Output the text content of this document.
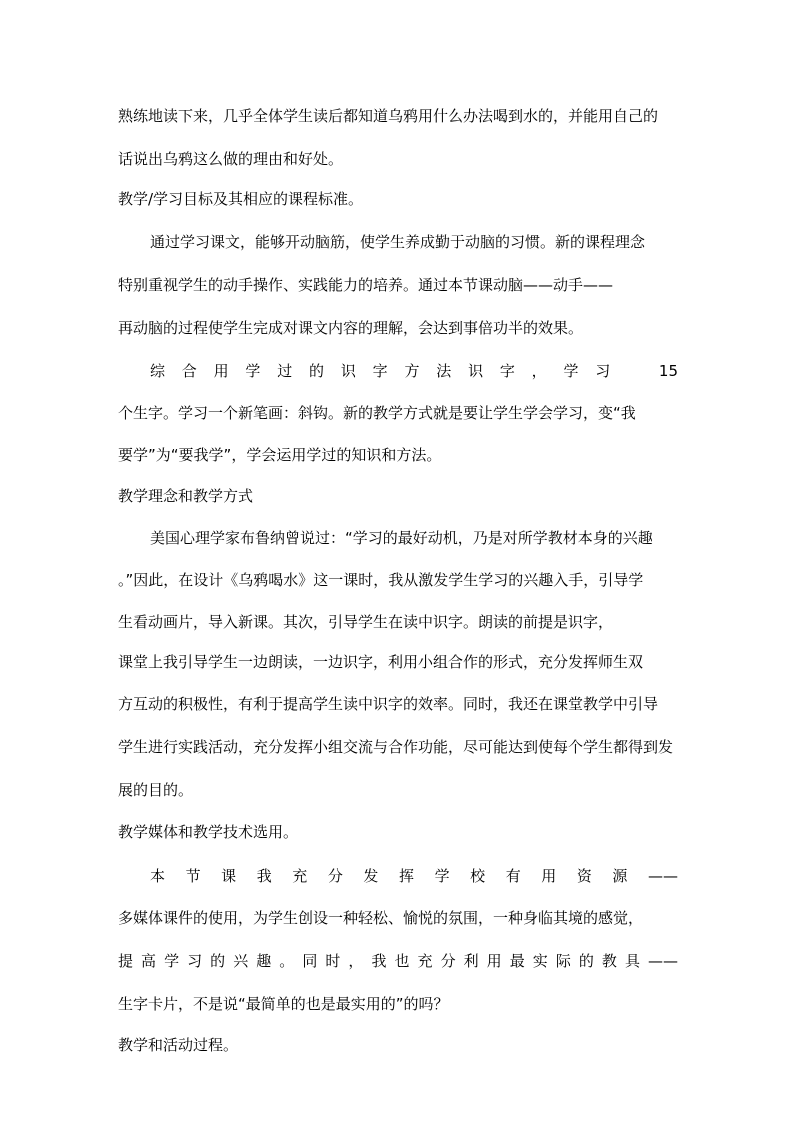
熟练地读下来，几乎全体学生读后都知道乌鸦用什么办法喝到水的，并能用自己的
话说出乌鸦这么做的理由和好处。
教学/学习目标及其相应的课程标准。
通过学习课文，能够开动脑筋，使学生养成勤于动脑的习惯。新的课程理念
特别重视学生的动手操作、实践能力的培养。通过本节课动脑——动手——
再动脑的过程使学生完成对课文内容的理解，会达到事倍功半的效果。
综合用学过的识字方法识字，学习　15
个生字。学习一个新笔画：斜钩。新的教学方式就是要让学生学会学习，变“我
要学”为“要我学”，学会运用学过的知识和方法。
教学理念和教学方式
美国心理学家布鲁纳曾说过：“学习的最好动机，乃是对所学教材本身的兴趣
。”因此，在设计《乌鸦喝水》这一课时，我从激发学生学习的兴趣入手，引导学
生看动画片，导入新课。其次，引导学生在读中识字。朗读的前提是识字，
课堂上我引导学生一边朗读，一边识字，利用小组合作的形式，充分发挥师生双
方互动的积极性，有利于提高学生读中识字的效率。同时，我还在课堂教学中引导
学生进行实践活动，充分发挥小组交流与合作功能，尽可能达到使每个学生都得到发
展的目的。
教学媒体和教学技术选用。
本节课我充分发挥学校有用资源——
多媒体课件的使用，为学生创设一种轻松、愉悦的氛围，一种身临其境的感觉，
提高学习的兴趣。同时，我也充分利用最实际的教具——
生字卡片，不是说“最简单的也是最实用的”的吗？
教学和活动过程。
